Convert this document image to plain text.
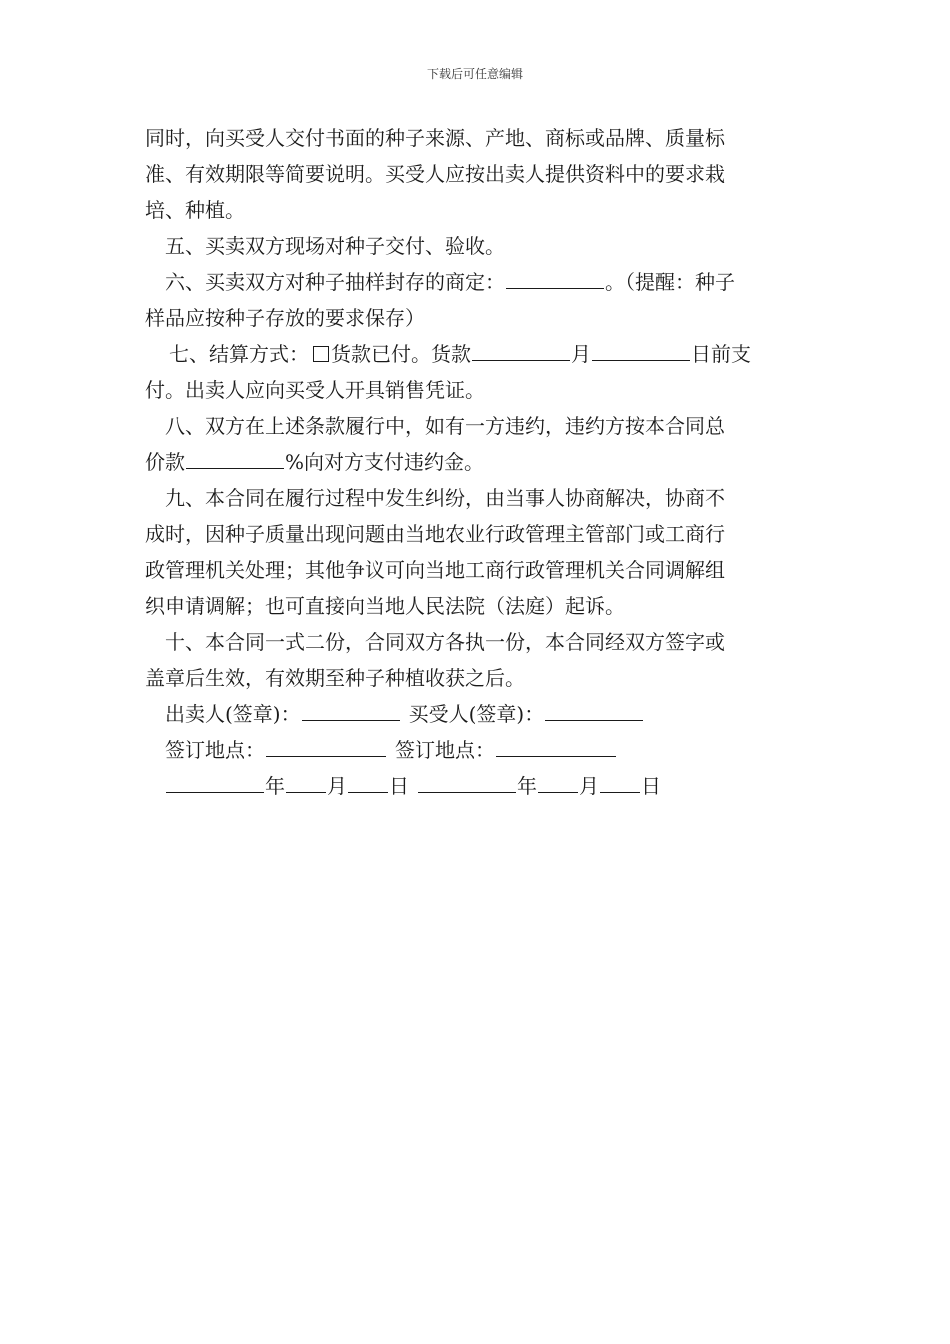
下载后可任意编辑

同时，向买受人交付书面的种子来源、产地、商标或品牌、质量标

准、有效期限等简要说明。买受人应按出卖人提供资料中的要求栽

培、种植。

五、买卖双方现场对种子交付、验收。

六、买卖双方对种子抽样封存的商定：	。（提醒：种子

样品应按种子存放的要求保存）

七、结算方式： 货款已付。货款	月	日前支

付。出卖人应向买受人开具销售凭证。

八、双方在上述条款履行中，如有一方违约，违约方按本合同总

价款	%向对方支付违约金。

九、本合同在履行过程中发生纠纷，由当事人协商解决，协商不

成时，因种子质量出现问题由当地农业行政管理主管部门或工商行

政管理机关处理；其他争议可向当地工商行政管理机关合同调解组

织申请调解；也可直接向当地人民法院（法庭）起诉。

十、本合同一式二份，合同双方各执一份，本合同经双方签字或

盖章后生效，有效期至种子种植收获之后。

出卖人(签章)：	买受人(签章)：
签订地点：	签订地点：
年 月 日	年 月 日
